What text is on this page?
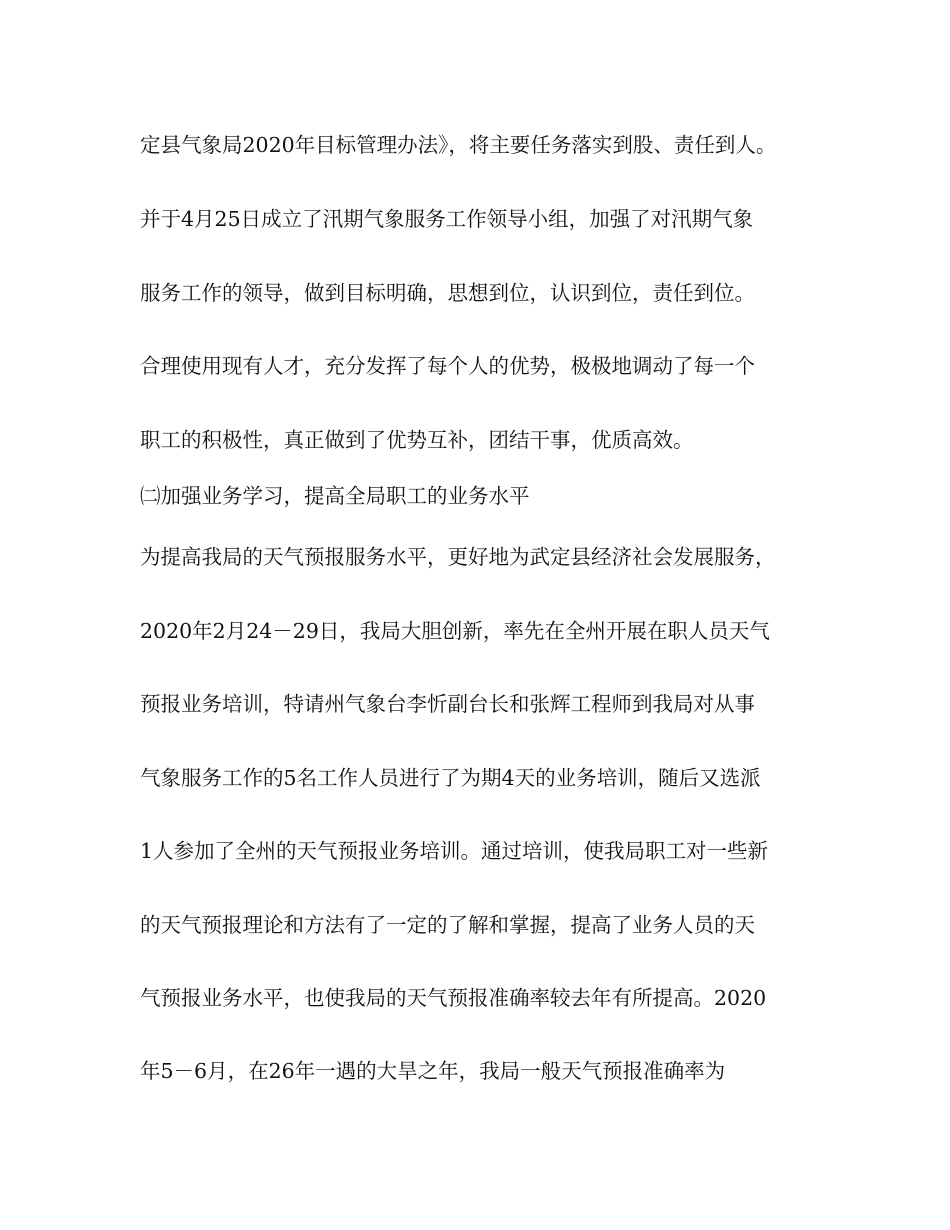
定县气象局2020年目标管理办法》，将主要任务落实到股、责任到人。
并于4月25日成立了汛期气象服务工作领导小组，加强了对汛期气象
服务工作的领导，做到目标明确，思想到位，认识到位，责任到位。
合理使用现有人才，充分发挥了每个人的优势，极极地调动了每一个
职工的积极性，真正做到了优势互补，团结干事，优质高效。
㈡加强业务学习，提高全局职工的业务水平
为提高我局的天气预报服务水平，更好地为武定县经济社会发展服务，
2020年2月24－29日，我局大胆创新，率先在全州开展在职人员天气
预报业务培训，特请州气象台李忻副台长和张辉工程师到我局对从事
气象服务工作的5名工作人员进行了为期4天的业务培训，随后又选派
1人参加了全州的天气预报业务培训。通过培训，使我局职工对一些新
的天气预报理论和方法有了一定的了解和掌握，提高了业务人员的天
气预报业务水平，也使我局的天气预报准确率较去年有所提高。2020
年5－6月，在26年一遇的大旱之年，我局一般天气预报准确率为
